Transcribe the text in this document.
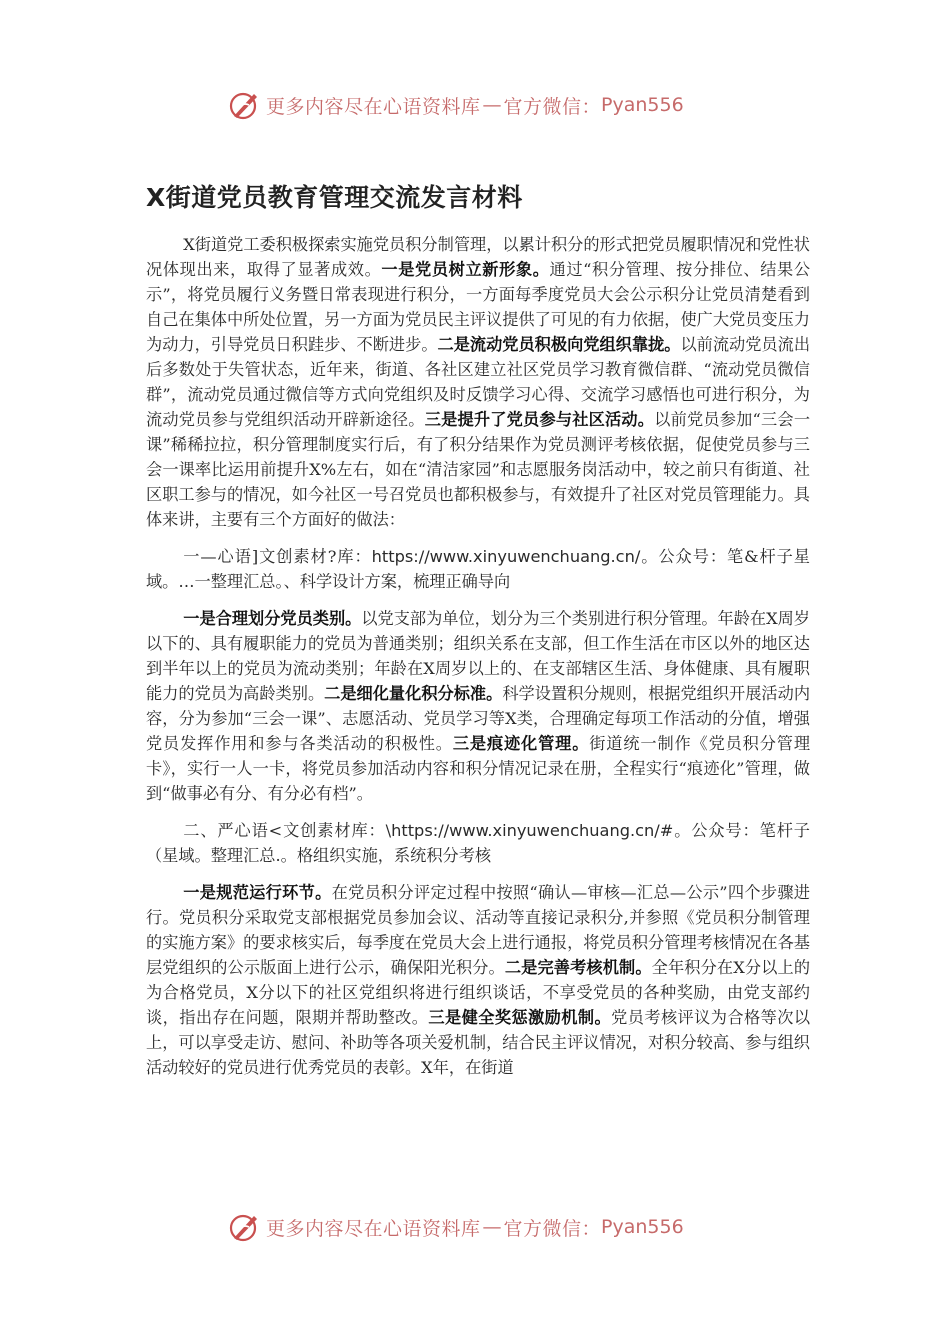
更多内容尽在心语资料库 — 官方微信： Pyan556
X街道党员教育管理交流发言材料

X街道党工委积极探索实施党员积分制管理，以累计积分的形式把党员履职情况和党性状况体现出来，取得了显著成效。一是党员树立新形象。通过“积分管理、按分排位、结果公示”，将党员履行义务暨日常表现进行积分，一方面每季度党员大会公示积分让党员清楚看到自己在集体中所处位置，另一方面为党员民主评议提供了可见的有力依据，使广大党员变压力为动力，引导党员日积跬步、不断进步。二是流动党员积极向党组织靠拢。以前流动党员流出后多数处于失管状态，近年来，街道、各社区建立社区党员学习教育微信群、“流动党员微信群”，流动党员通过微信等方式向党组织及时反馈学习心得、交流学习感悟也可进行积分，为流动党员参与党组织活动开辟新途径。三是提升了党员参与社区活动。以前党员参加“三会一课”稀稀拉拉，积分管理制度实行后，有了积分结果作为党员测评考核依据，促使党员参与三会一课率比运用前提升X%左右，如在“清洁家园”和志愿服务岗活动中，较之前只有街道、社区职工参与的情况，如今社区一号召党员也都积极参与，有效提升了社区对党员管理能力。具体来讲，主要有三个方面好的做法：

一—心语]文创素材?库：https://www.xinyuwenchuang.cn/。公众号：笔&杆子星域。…一整理汇总。、科学设计方案，梳理正确导向

一是合理划分党员类别。以党支部为单位，划分为三个类别进行积分管理。年龄在X周岁以下的、具有履职能力的党员为普通类别；组织关系在支部，但工作生活在市区以外的地区达到半年以上的党员为流动类别；年龄在X周岁以上的、在支部辖区生活、身体健康、具有履职能力的党员为高龄类别。二是细化量化积分标准。科学设置积分规则，根据党组织开展活动内容，分为参加“三会一课”、志愿活动、党员学习等X类，合理确定每项工作活动的分值，增强党员发挥作用和参与各类活动的积极性。三是痕迹化管理。街道统一制作《党员积分管理卡》，实行一人一卡，将党员参加活动内容和积分情况记录在册，全程实行“痕迹化”管理，做到“做事必有分、有分必有档”。

二、严心语<文创素材库：\https://www.xinyuwenchuang.cn/#。公众号：笔杆子（星域。整理汇总.。格组织实施，系统积分考核

一是规范运行环节。在党员积分评定过程中按照“确认—审核—汇总—公示”四个步骤进行。党员积分采取党支部根据党员参加会议、活动等直接记录积分,并参照《党员积分制管理的实施方案》的要求核实后，每季度在党员大会上进行通报，将党员积分管理考核情况在各基层党组织的公示版面上进行公示，确保阳光积分。二是完善考核机制。全年积分在X分以上的为合格党员，X分以下的社区党组织将进行组织谈话，不享受党员的各种奖励，由党支部约谈，指出存在问题，限期并帮助整改。三是健全奖惩激励机制。党员考核评议为合格等次以上，可以享受走访、慰问、补助等各项关爱机制，结合民主评议情况，对积分较高、参与组织活动较好的党员进行优秀党员的表彰。X年，在街道

更多内容尽在心语资料库 — 官方微信： Pyan556
